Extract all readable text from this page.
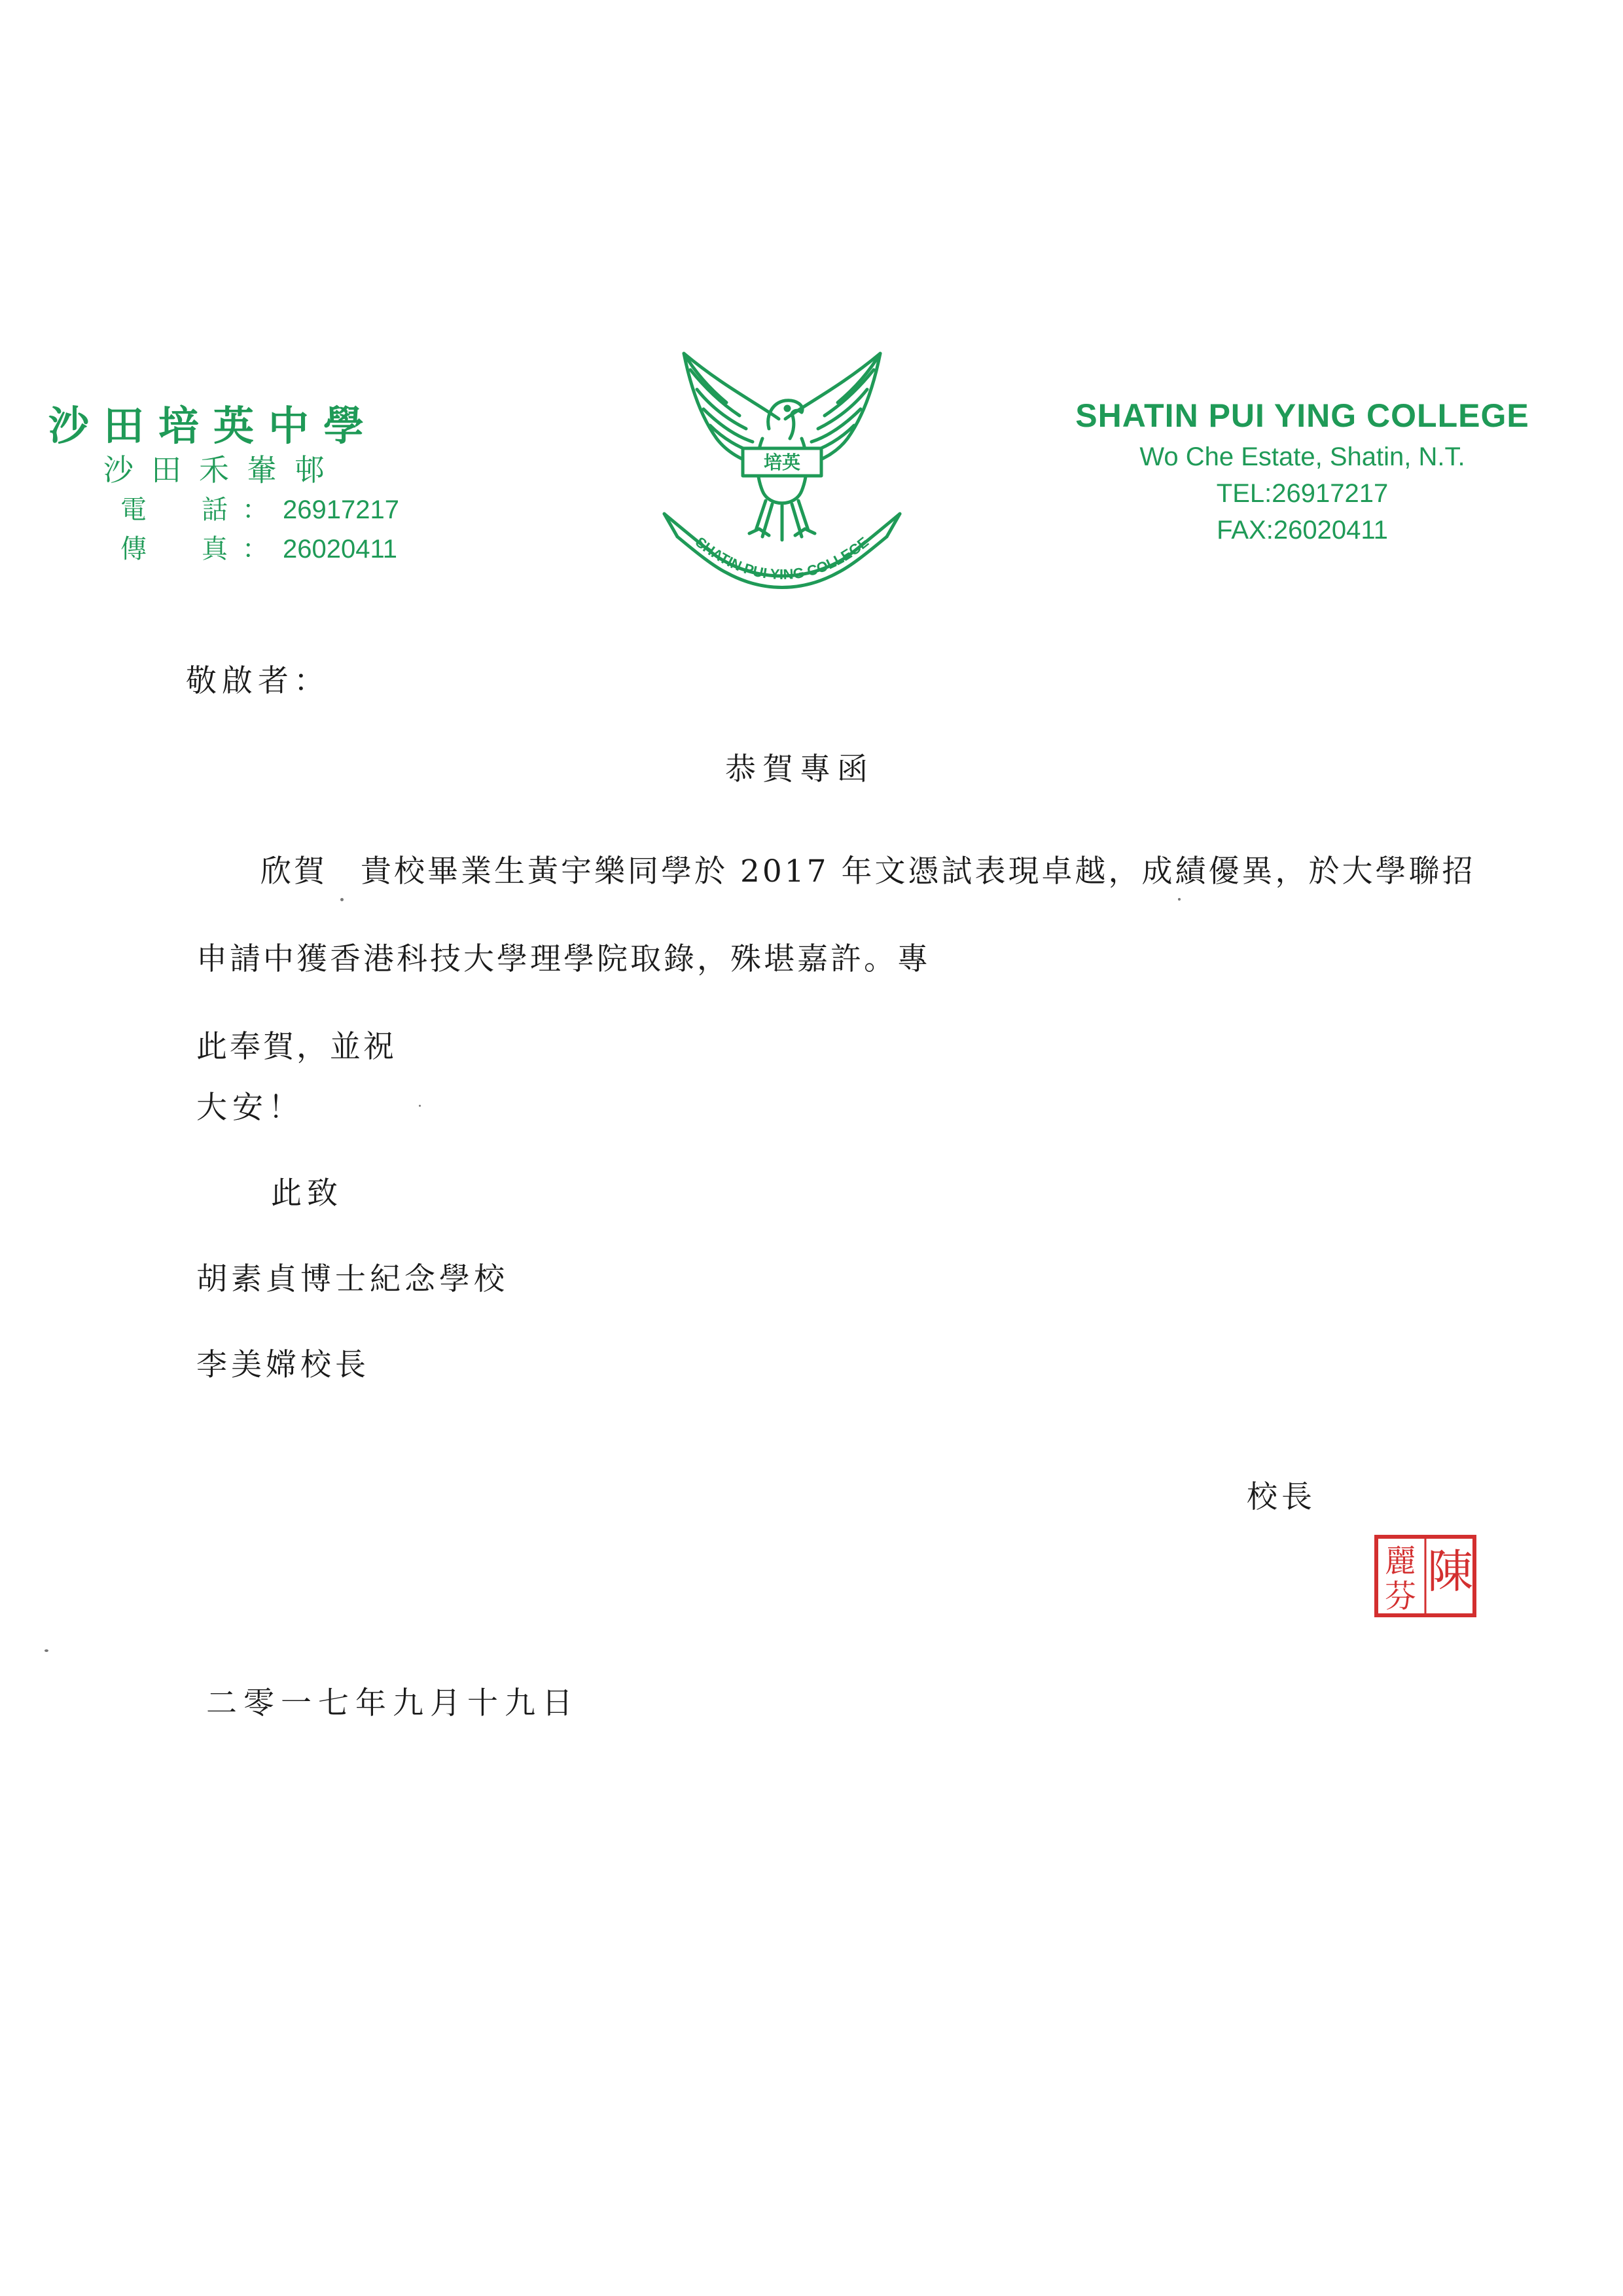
沙田培英中學
沙田禾輋邨
電　話：26917217
傳　真：26020411
培英
SHATIN PUI YING COLLEGE
SHATIN PUI YING COLLEGE
Wo Che Estate, Shatin, N.T.
TEL:26917217
FAX:26020411
敬啟者：
恭賀專函
欣賀　貴校畢業生黃宇樂同學於 2017 年文憑試表現卓越，成績優異，於大學聯招申請中獲香港科技大學理學院取錄，殊堪嘉許。專
此奉賀，並祝
大安！
此致
胡素貞博士紀念學校
李美嫦校長
校長
陳
麗
芬
二零一七年九月十九日
